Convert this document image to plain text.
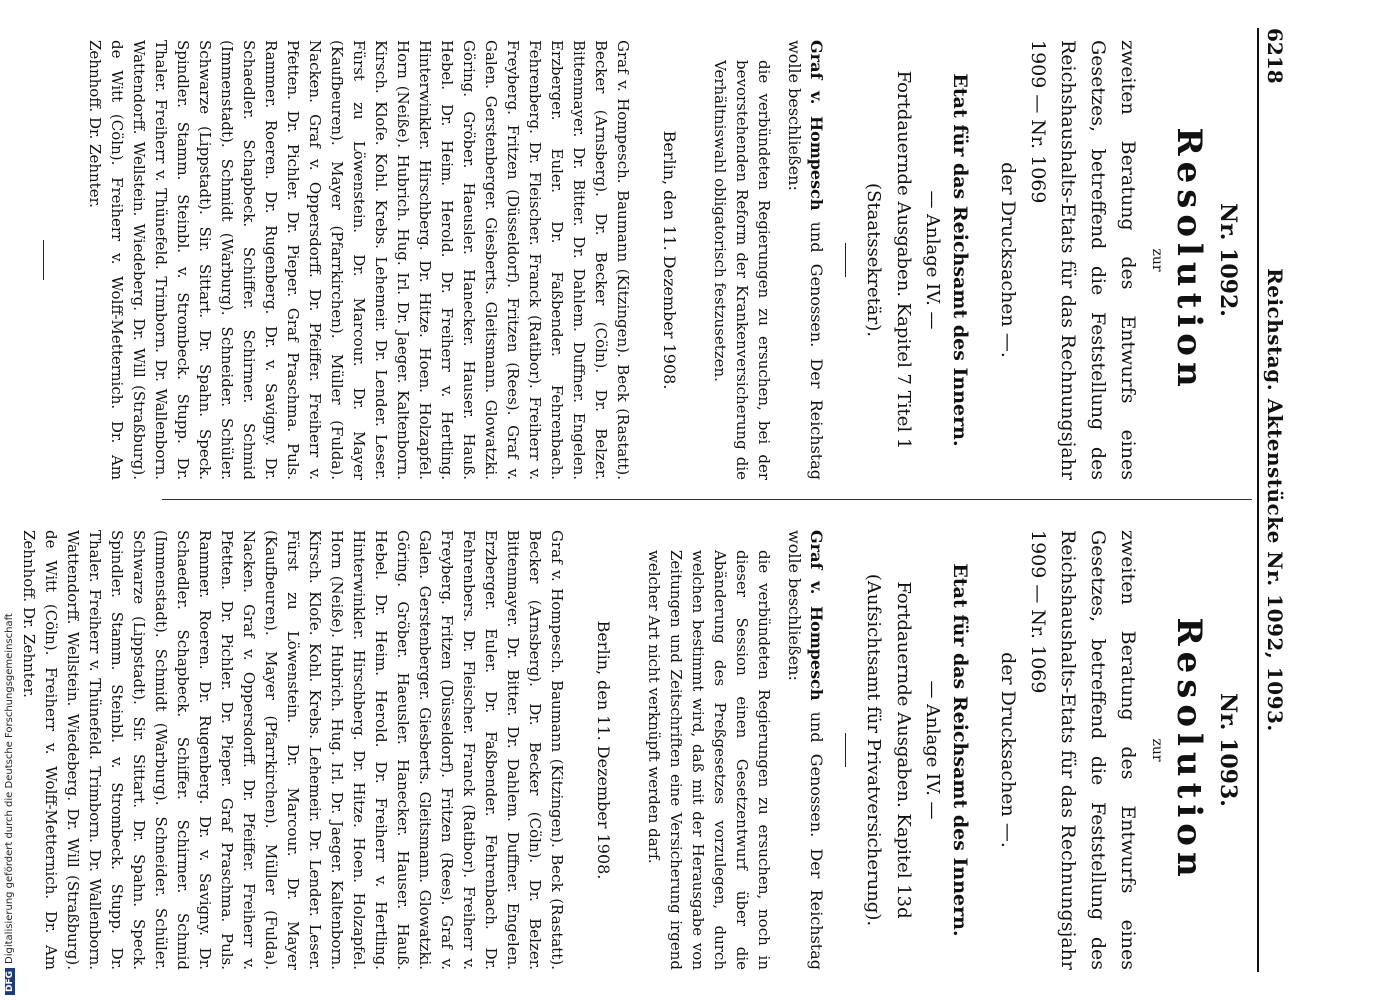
6218
Reichstag. Aktenstücke Nr. 1092, 1093.
Nr. 1092.
Resolution
zur
zweiten Beratung des Entwurfs eines Gesetzes, betreffend die Feststellung des Reichshaushalts-Etats für das Rechnungsjahr 1909 — Nr. 1069
der Drucksachen —.
Etat für das Reichsamt des Innern.
— Anlage IV. —
Fortdauernde Ausgaben. Kapitel 7 Titel 1
(Staatssekretär).
Graf v. Hompesch und Genossen. Der Reichstag wolle beschließen:
die verbündeten Regierungen zu ersuchen, bei der bevorstehenden Reform der Krankenversicherung die Verhältniswahl obligatorisch festzusetzen.
Berlin, den 11. Dezember 1908.
Graf v. Hompesch. Baumann (Kitzingen). Beck (Rastatt). Becker (Arnsberg). Dr. Becker (Cöln). Dr. Belzer. Bittenmayer. Dr. Bitter. Dr. Dahlem. Duffner. Engelen. Erzberger. Euler. Dr. Faßbender. Fehrenbach. Fehrenberg. Dr. Fleischer. Franck (Ratibor). Freiherr v. Freyberg. Fritzen (Düsseldorf). Fritzen (Rees). Graf v. Galen. Gerstenberger. Giesberts. Gleitsmann. Glowatzki. Göring. Gröber. Haeusler. Hanecker. Hauser. Hauß. Hebel. Dr. Heim. Herold. Dr. Freiherr v. Hertling. Hinterwinkler. Hirschberg. Dr. Hitze. Hoen. Holzapfel. Horn (Neiße). Hubrich. Hug. Irl. Dr. Jaeger. Kaltenborn. Kirsch. Kloſe. Kohl. Krebs. Lehemeir. Dr. Lender. Leser. Fürst zu Löwenstein. Dr. Marcour. Dr. Mayer (Kaufbeuren). Mayer (Pfarrkirchen). Müller (Fulda). Nacken. Graf v. Oppersdorff. Dr. Pfeiffer. Freiherr v. Pfetten. Dr. Pichler. Dr. Pieper. Graf Praschma. Puls. Rammer. Roeren. Dr. Rugenberg. Dr. v. Savigny. Dr. Schaedler. Schapbeck. Schiffer. Schirmer. Schmid (Immenstadt). Schmidt (Warburg). Schneider. Schüler. Schwarze (Lippstadt). Sir. Sittart. Dr. Spahn. Speck. Spindler. Stamm. Steinbl. v. Strombeck. Stupp. Dr. Thaler. Freiherr v. Thünefeld. Trimborn. Dr. Wallenborn. Wattendorff. Wellstein. Wiedeberg. Dr. Will (Straßburg). de Witt (Cöln). Freiherr v. Wolff-Metternich. Dr. Am Zehnhoff. Dr. Zehnter.
Nr. 1093.
Resolution
zur
zweiten Beratung des Entwurfs eines Gesetzes, betreffend die Feststellung des Reichshaushalts-Etats für das Rechnungsjahr 1909 — Nr. 1069
der Drucksachen —.
Etat für das Reichsamt des Innern.
— Anlage IV. —
Fortdauernde Ausgaben. Kapitel 13d
(Aufsichtsamt für Privatversicherung).
Graf v. Hompesch und Genossen. Der Reichstag wolle beschließen:
die verbündeten Regierungen zu ersuchen, noch in dieser Session einen Gesetzentwurf über die Abänderung des Preßgesetzes vorzulegen, durch welchen bestimmt wird, daß mit der Herausgabe von Zeitungen und Zeitschriften eine Versicherung irgend welcher Art nicht verknüpft werden darf.
Berlin, den 11. Dezember 1908.
Graf v. Hompesch. Baumann (Kitzingen). Beck (Rastatt). Becker (Arnsberg). Dr. Becker (Cöln). Dr. Belzer. Bittenmayer. Dr. Bitter. Dr. Dahlem. Duffner. Engelen. Erzberger. Euler. Dr. Faßbender. Fehrenbach. Dr. Fehrenbers. Dr. Fleischer. Franck (Ratibor). Freiherr v. Freyberg. Fritzen (Düsseldorf). Fritzen (Rees). Graf v. Galen. Gerstenberger. Giesberts. Gleitsmann. Glowatzki. Göring. Gröber. Haeusler. Hanecker. Hauser. Hauß. Hebel. Dr. Heim. Herold. Dr. Freiherr v. Hertling. Hinterwinkler. Hirschberg. Dr. Hitze. Hoen. Holzapfel. Horn (Neiße). Hubrich. Hug. Irl. Dr. Jaeger. Kaltenborn. Kirsch. Kloſe. Kohl. Krebs. Lehemeir. Dr. Lender. Leser. Fürst zu Löwenstein. Dr. Marcour. Dr. Mayer (Kaufbeuren). Mayer (Pfarrkirchen). Müller (Fulda). Nacken. Graf v. Oppersdorff. Dr. Pfeiffer. Freiherr v. Pfetten. Dr. Pichler. Dr. Pieper. Graf Praschma. Puls. Rammer. Roeren. Dr. Rugenberg. Dr. v. Savigny. Dr. Schaedler. Schapbeck. Schiffer. Schirmer. Schmid (Immenstadt). Schmidt (Warburg). Schneider. Schüler. Schwarze (Lippstadt). Sir. Sittart. Dr. Spahn. Speck. Spindler. Stamm. Steinbl. v. Strombeck. Stupp. Dr. Thaler. Freiherr v. Thünefeld. Trimborn. Dr. Wallenborn. Wattendorff. Wellstein. Wiedeberg. Dr. Will (Straßburg). de Witt (Cöln). Freiherr v. Wolff-Metternich. Dr. Am Zehnhoff. Dr. Zehnter.
DFGDigitalisierung gefördert durch die Deutsche Forschungsgemeinschaft
